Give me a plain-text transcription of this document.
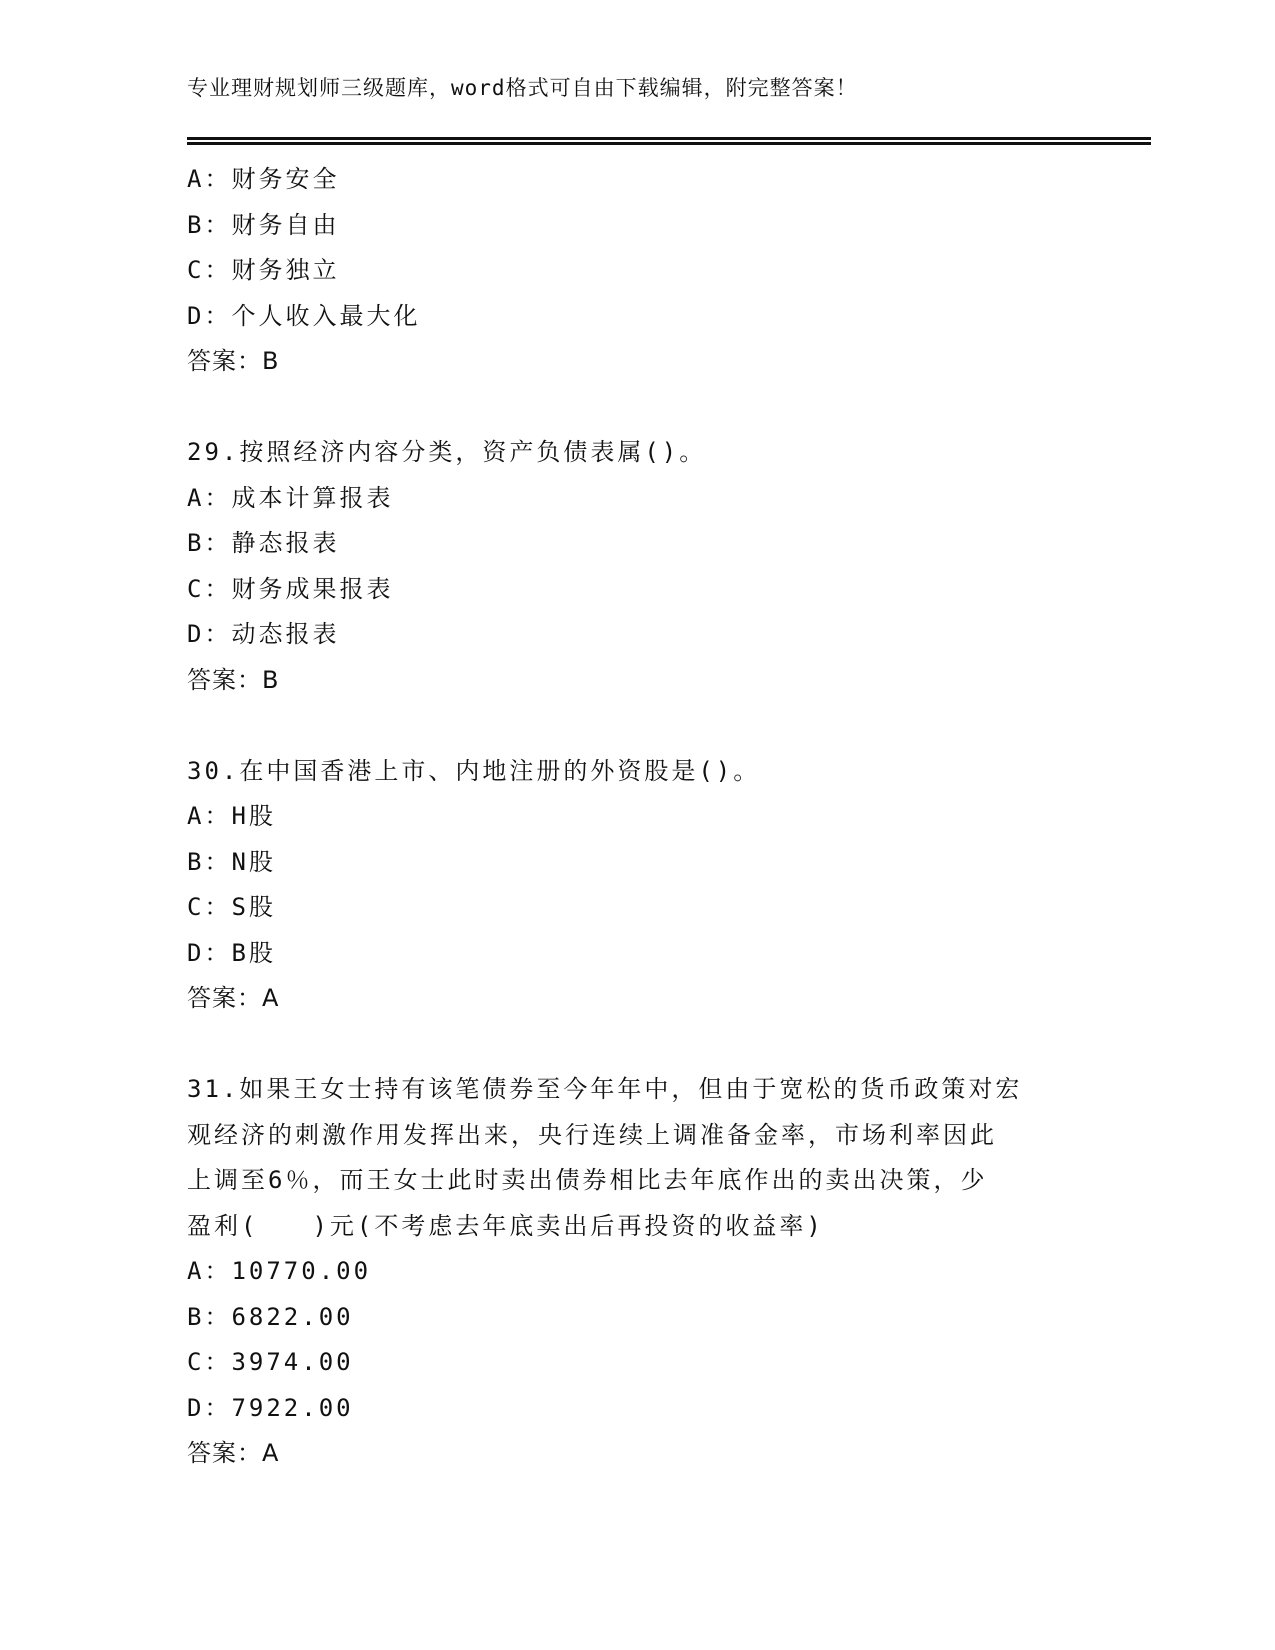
专业理财规划师三级题库，word格式可自由下载编辑，附完整答案！
A：财务安全
B：财务自由
C：财务独立
D：个人收入最大化
答案：B
29.按照经济内容分类，资产负债表属()。
A：成本计算报表
B：静态报表
C：财务成果报表
D：动态报表
答案：B
30.在中国香港上市、内地注册的外资股是()。
A：H股
B：N股
C：S股
D：B股
答案：A
31.如果王女士持有该笔债券至今年年中，但由于宽松的货币政策对宏
观经济的刺激作用发挥出来，央行连续上调准备金率，市场利率因此
上调至6％，而王女士此时卖出债券相比去年底作出的卖出决策，少
盈利(　　)元(不考虑去年底卖出后再投资的收益率)
A：10770.00
B：6822.00
C：3974.00
D：7922.00
答案：A
